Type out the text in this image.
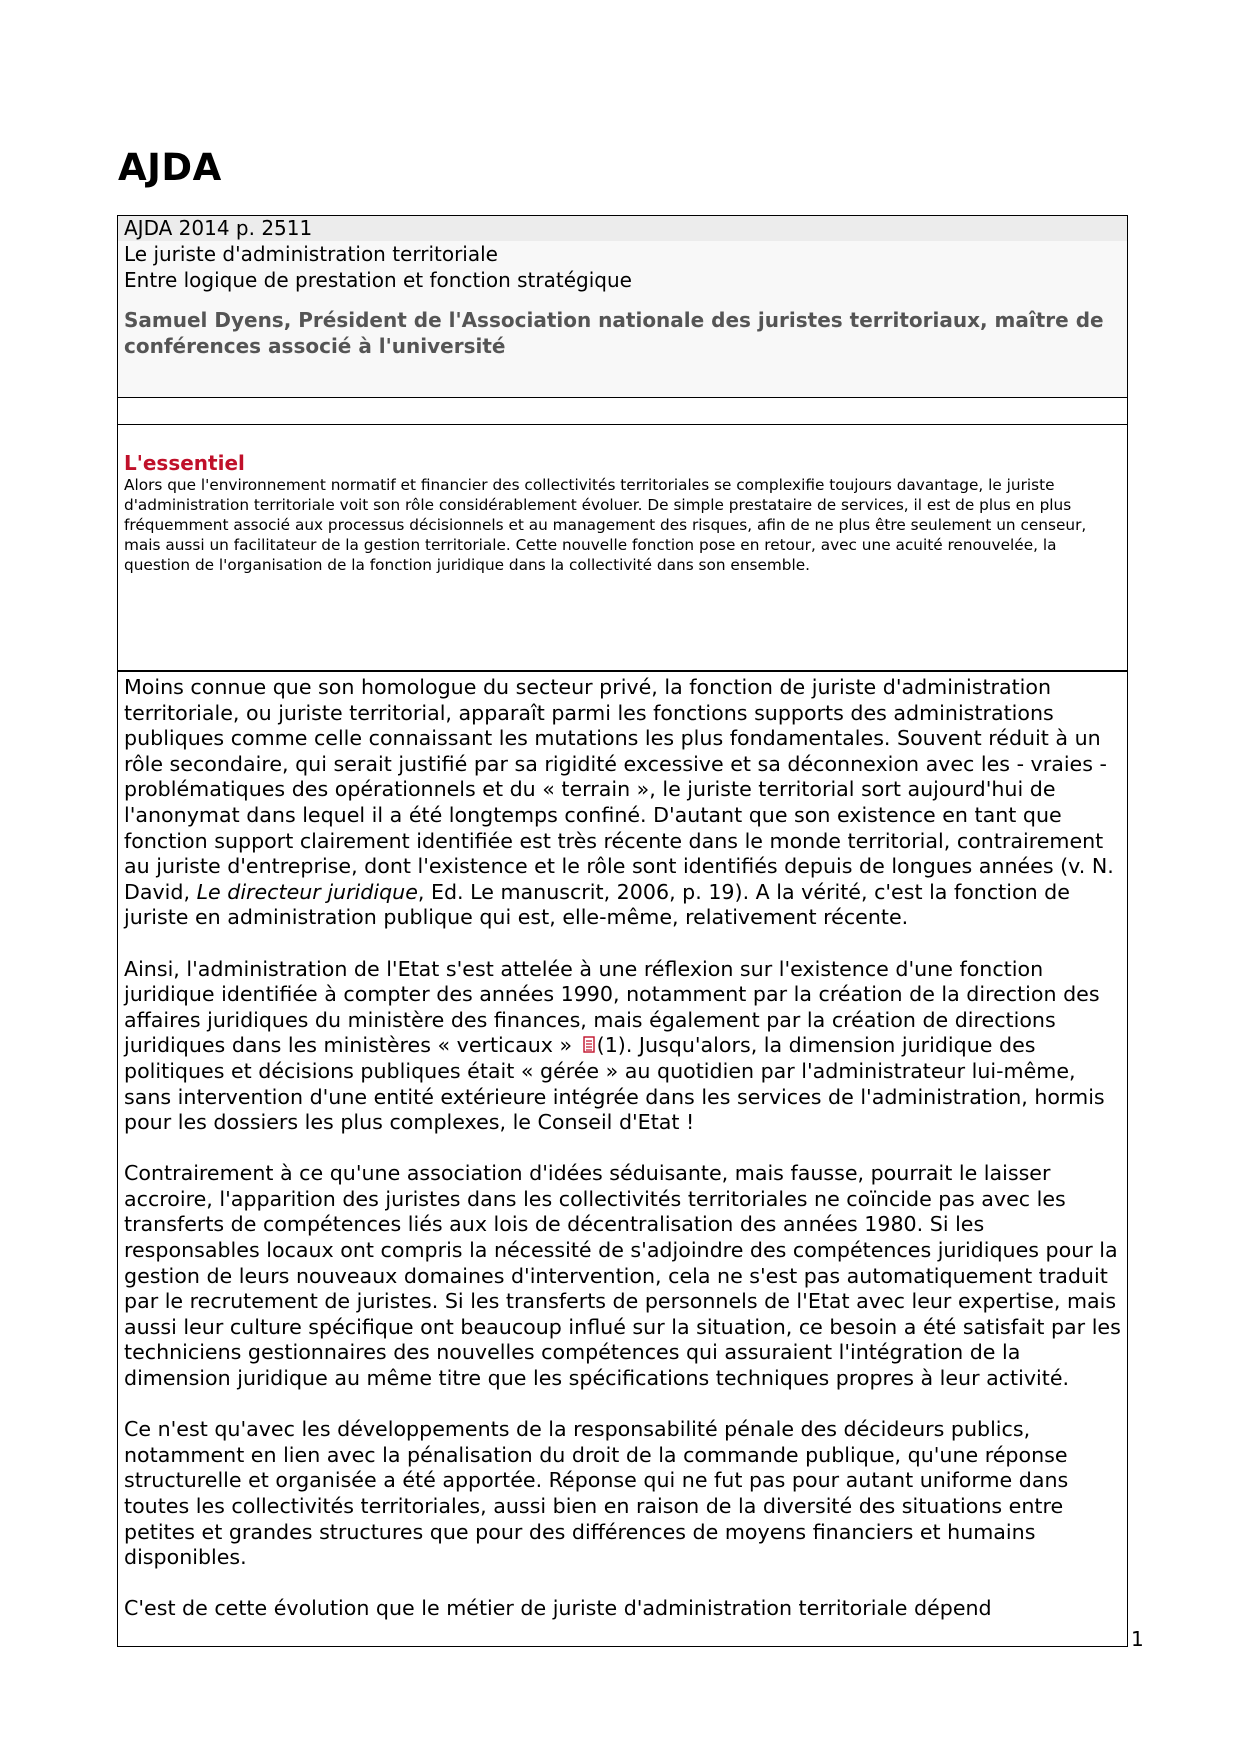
AJDA
AJDA 2014 p. 2511
Le juriste d'administration territoriale
Entre logique de prestation et fonction stratégique
Samuel Dyens, Président de l'Association nationale des juristes territoriaux, maître de conférences associé à l'université

L'essentiel

Alors que l'environnement normatif et financier des collectivités territoriales se complexifie toujours davantage, le juriste d'administration territoriale voit son rôle considérablement évoluer. De simple prestataire de services, il est de plus en plus fréquemment associé aux processus décisionnels et au management des risques, afin de ne plus être seulement un censeur, mais aussi un facilitateur de la gestion territoriale. Cette nouvelle fonction pose en retour, avec une acuité renouvelée, la question de l'organisation de la fonction juridique dans la collectivité dans son ensemble.

Moins connue que son homologue du secteur privé, la fonction de juriste d'administration territoriale, ou juriste territorial, apparaît parmi les fonctions supports des administrations publiques comme celle connaissant les mutations les plus fondamentales. Souvent réduit à un rôle secondaire, qui serait justifié par sa rigidité excessive et sa déconnexion avec les - vraies - problématiques des opérationnels et du « terrain », le juriste territorial sort aujourd'hui de l'anonymat dans lequel il a été longtemps confiné. D'autant que son existence en tant que fonction support clairement identifiée est très récente dans le monde territorial, contrairement au juriste d'entreprise, dont l'existence et le rôle sont identifiés depuis de longues années (v. N. David, Le directeur juridique, Ed. Le manuscrit, 2006, p. 19). A la vérité, c'est la fonction de juriste en administration publique qui est, elle-même, relativement récente.

Ainsi, l'administration de l'Etat s'est attelée à une réflexion sur l'existence d'une fonction juridique identifiée à compter des années 1990, notamment par la création de la direction des affaires juridiques du ministère des finances, mais également par la création de directions juridiques dans les ministères « verticaux » (1). Jusqu'alors, la dimension juridique des politiques et décisions publiques était « gérée » au quotidien par l'administrateur lui-même, sans intervention d'une entité extérieure intégrée dans les services de l'administration, hormis pour les dossiers les plus complexes, le Conseil d'Etat !

Contrairement à ce qu'une association d'idées séduisante, mais fausse, pourrait le laisser accroire, l'apparition des juristes dans les collectivités territoriales ne coïncide pas avec les transferts de compétences liés aux lois de décentralisation des années 1980. Si les responsables locaux ont compris la nécessité de s'adjoindre des compétences juridiques pour la gestion de leurs nouveaux domaines d'intervention, cela ne s'est pas automatiquement traduit par le recrutement de juristes. Si les transferts de personnels de l'Etat avec leur expertise, mais aussi leur culture spécifique ont beaucoup influé sur la situation, ce besoin a été satisfait par les techniciens gestionnaires des nouvelles compétences qui assuraient l'intégration de la dimension juridique au même titre que les spécifications techniques propres à leur activité.

Ce n'est qu'avec les développements de la responsabilité pénale des décideurs publics, notamment en lien avec la pénalisation du droit de la commande publique, qu'une réponse structurelle et organisée a été apportée. Réponse qui ne fut pas pour autant uniforme dans toutes les collectivités territoriales, aussi bien en raison de la diversité des situations entre petites et grandes structures que pour des différences de moyens financiers et humains disponibles.

C'est de cette évolution que le métier de juriste d'administration territoriale dépend

1
